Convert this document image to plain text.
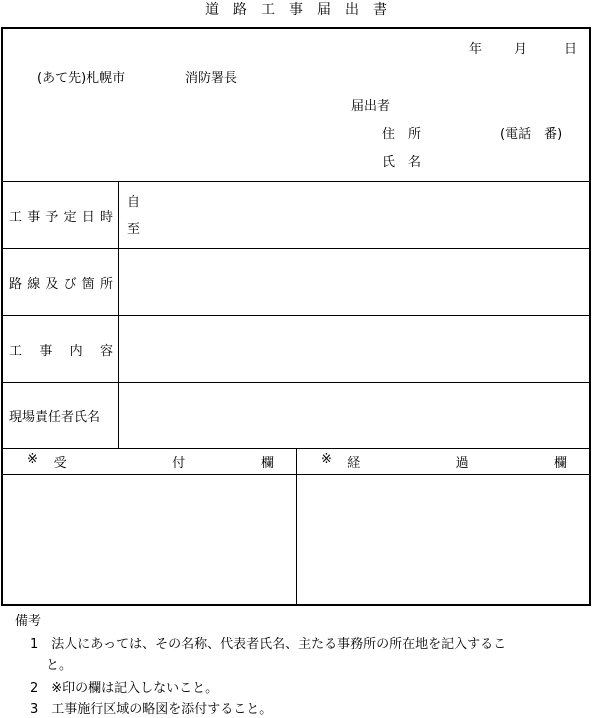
道路工事届出書
年 月	日
(あて先)札幌市	消防署長
届出者
住　所	(電話　番)
氏　名
工 事 予 定 日 時
自
至
路 線 及 び 箇 所
工 事 内 容
現場責任者氏名
※ 受	付	欄	※ 経	過	欄
備考
1　法人にあっては、その名称、代表者氏名、主たる事務所の所在地を記入するこ
と。
2　※印の欄は記入しないこと。
3　工事施行区域の略図を添付すること。
